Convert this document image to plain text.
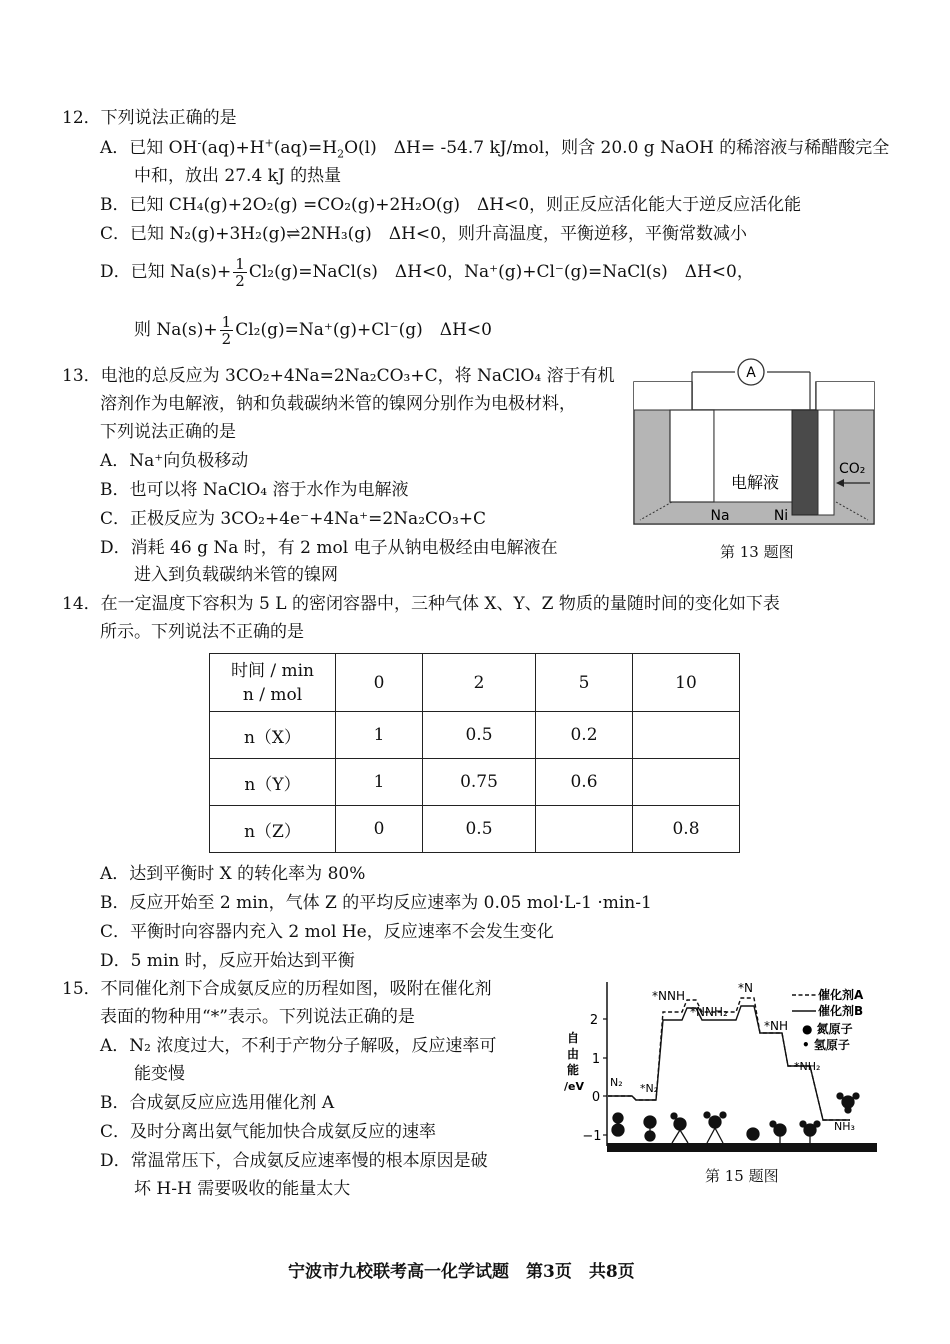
12．下列说法正确的是
A．已知 $OH^-(aq)+H^+(aq)=H_2O(l)$　ΔH= -54.7 kJ/mol，则含 20.0 g NaOH 的稀溶液与稀醋酸完全
中和，放出 27.4 kJ 的热量
B．已知 CH₄(g)+2O₂(g) =CO₂(g)+2H₂O(g)　ΔH<0，则正反应活化能大于逆反应活化能
C．已知 N₂(g)+3H₂(g)⇌2NH₃(g)　ΔH<0，则升高温度，平衡逆移，平衡常数减小
D．已知 $Na(s)+ \frac{1}{2}$ Cl₂(g)=NaCl(s)　ΔH<0，Na⁺(g)+Cl⁻(g)=NaCl(s)　ΔH<0，
则 $Na(s)+ \frac{1}{2} Cl_2(g)=Na^+(g)+Cl^-(g)$　ΔH<0
13．电池的总反应为 3CO₂+4Na=2Na₂CO₃+C，将 NaClO₄ 溶于有机
溶剂作为电解液，钠和负载碳纳米管的镍网分别作为电极材料，
下列说法正确的是
A．Na⁺向负极移动
B．也可以将 NaClO₄ 溶于水作为电解液
C．正极反应为 3CO₂+4e⁻+4Na⁺=2Na₂CO₃+C
D．消耗 46 g Na 时，有 2 mol 电子从钠电极经由电解液在
进入到负载碳纳米管的镍网
A
电解液
CO₂
Na	Ni
第 13 题图
14．在一定温度下容积为 5 L 的密闭容器中，三种气体 X、Y、Z 物质的量随时间的变化如下表
所示。下列说法不正确的是
时间 / min
n / mol	0	2	5	10
n（X）	1	0.5	0.2	
n（Y）	1	0.75	0.6	
n（Z）	0	0.5		0.8
A．达到平衡时 X 的转化率为 80%
B．反应开始至 2 min，气体 Z 的平均反应速率为 0.05 mol·L-1 ·min-1
C．平衡时向容器内充入 2 mol He，反应速率不会发生变化
D．5 min 时，反应开始达到平衡
15．不同催化剂下合成氨反应的历程如图，吸附在催化剂
表面的物种用“*”表示。下列说法正确的是
A．N₂ 浓度过大，不利于产物分子解吸，反应速率可
能变慢
B．合成氨反应应选用催化剂 A
C．及时分离出氨气能加快合成氨反应的速率
D．常温常压下，合成氨反应速率慢的根本原因是破
坏 H-H 需要吸收的能量太大
2
1
0
−1
自
由
能
/eV N₂ *N₂
*NNH
*NNH₂
*N
*NH
*NH₂
NH₃
催化剂A
催化剂B
● 氮原子
• 氢原子
第 15 题图
宁波市九校联考高一化学试题　第3页　共8页
